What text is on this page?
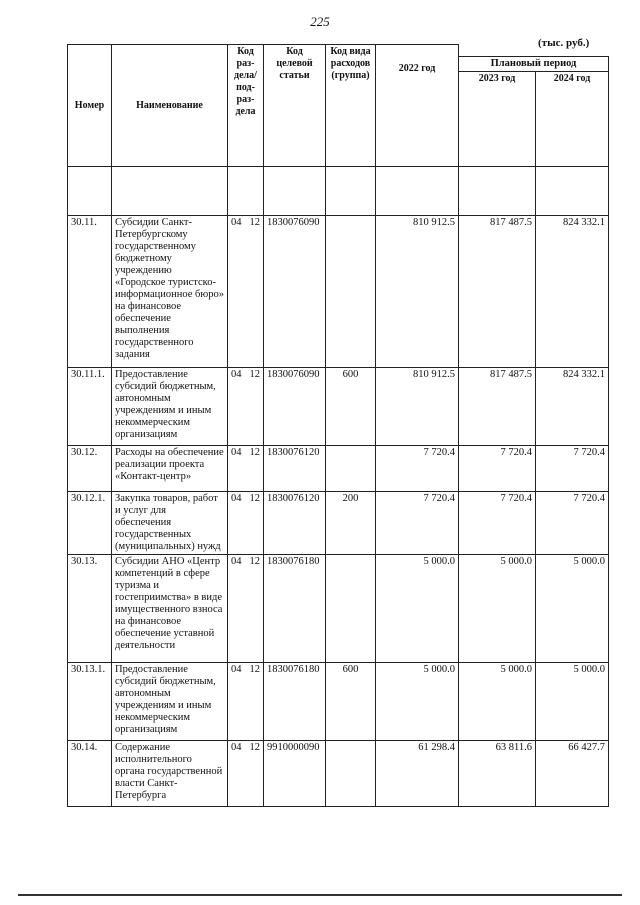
225
(тыс. руб.)
Номер	Наименование	Код раз-дела/ под-раз-дела	Код целевой статьи	Код вида расходов (группа)	2022 год		
						Плановый период	
						2023 год	2024 год

30.11.	Субсидии Санкт-Петербургскому государственному бюджетному учреждению «Городское туристско-информационное бюро» на финансовое обеспечение выполнения государственного задания	04 12	1830076090		810 912.5	817 487.5	824 332.1
30.11.1.	Предоставление субсидий бюджетным, автономным учреждениям и иным некоммерческим организациям	04 12	1830076090	600	810 912.5	817 487.5	824 332.1
30.12.	Расходы на обеспечение реализации проекта «Контакт-центр»	04 12	1830076120		7 720.4	7 720.4	7 720.4
30.12.1.	Закупка товаров, работ и услуг для обеспечения государственных (муниципальных) нужд	04 12	1830076120	200	7 720.4	7 720.4	7 720.4
30.13.	Субсидии АНО «Центр компетенций в сфере туризма и гостеприимства» в виде имущественного взноса на финансовое обеспечение уставной деятельности	04 12	1830076180		5 000.0	5 000.0	5 000.0
30.13.1.	Предоставление субсидий бюджетным, автономным учреждениям и иным некоммерческим организациям	04 12	1830076180	600	5 000.0	5 000.0	5 000.0
30.14.	Содержание исполнительного органа государственной власти Санкт-Петербурга	04 12	9910000090		61 298.4	63 811.6	66 427.7
